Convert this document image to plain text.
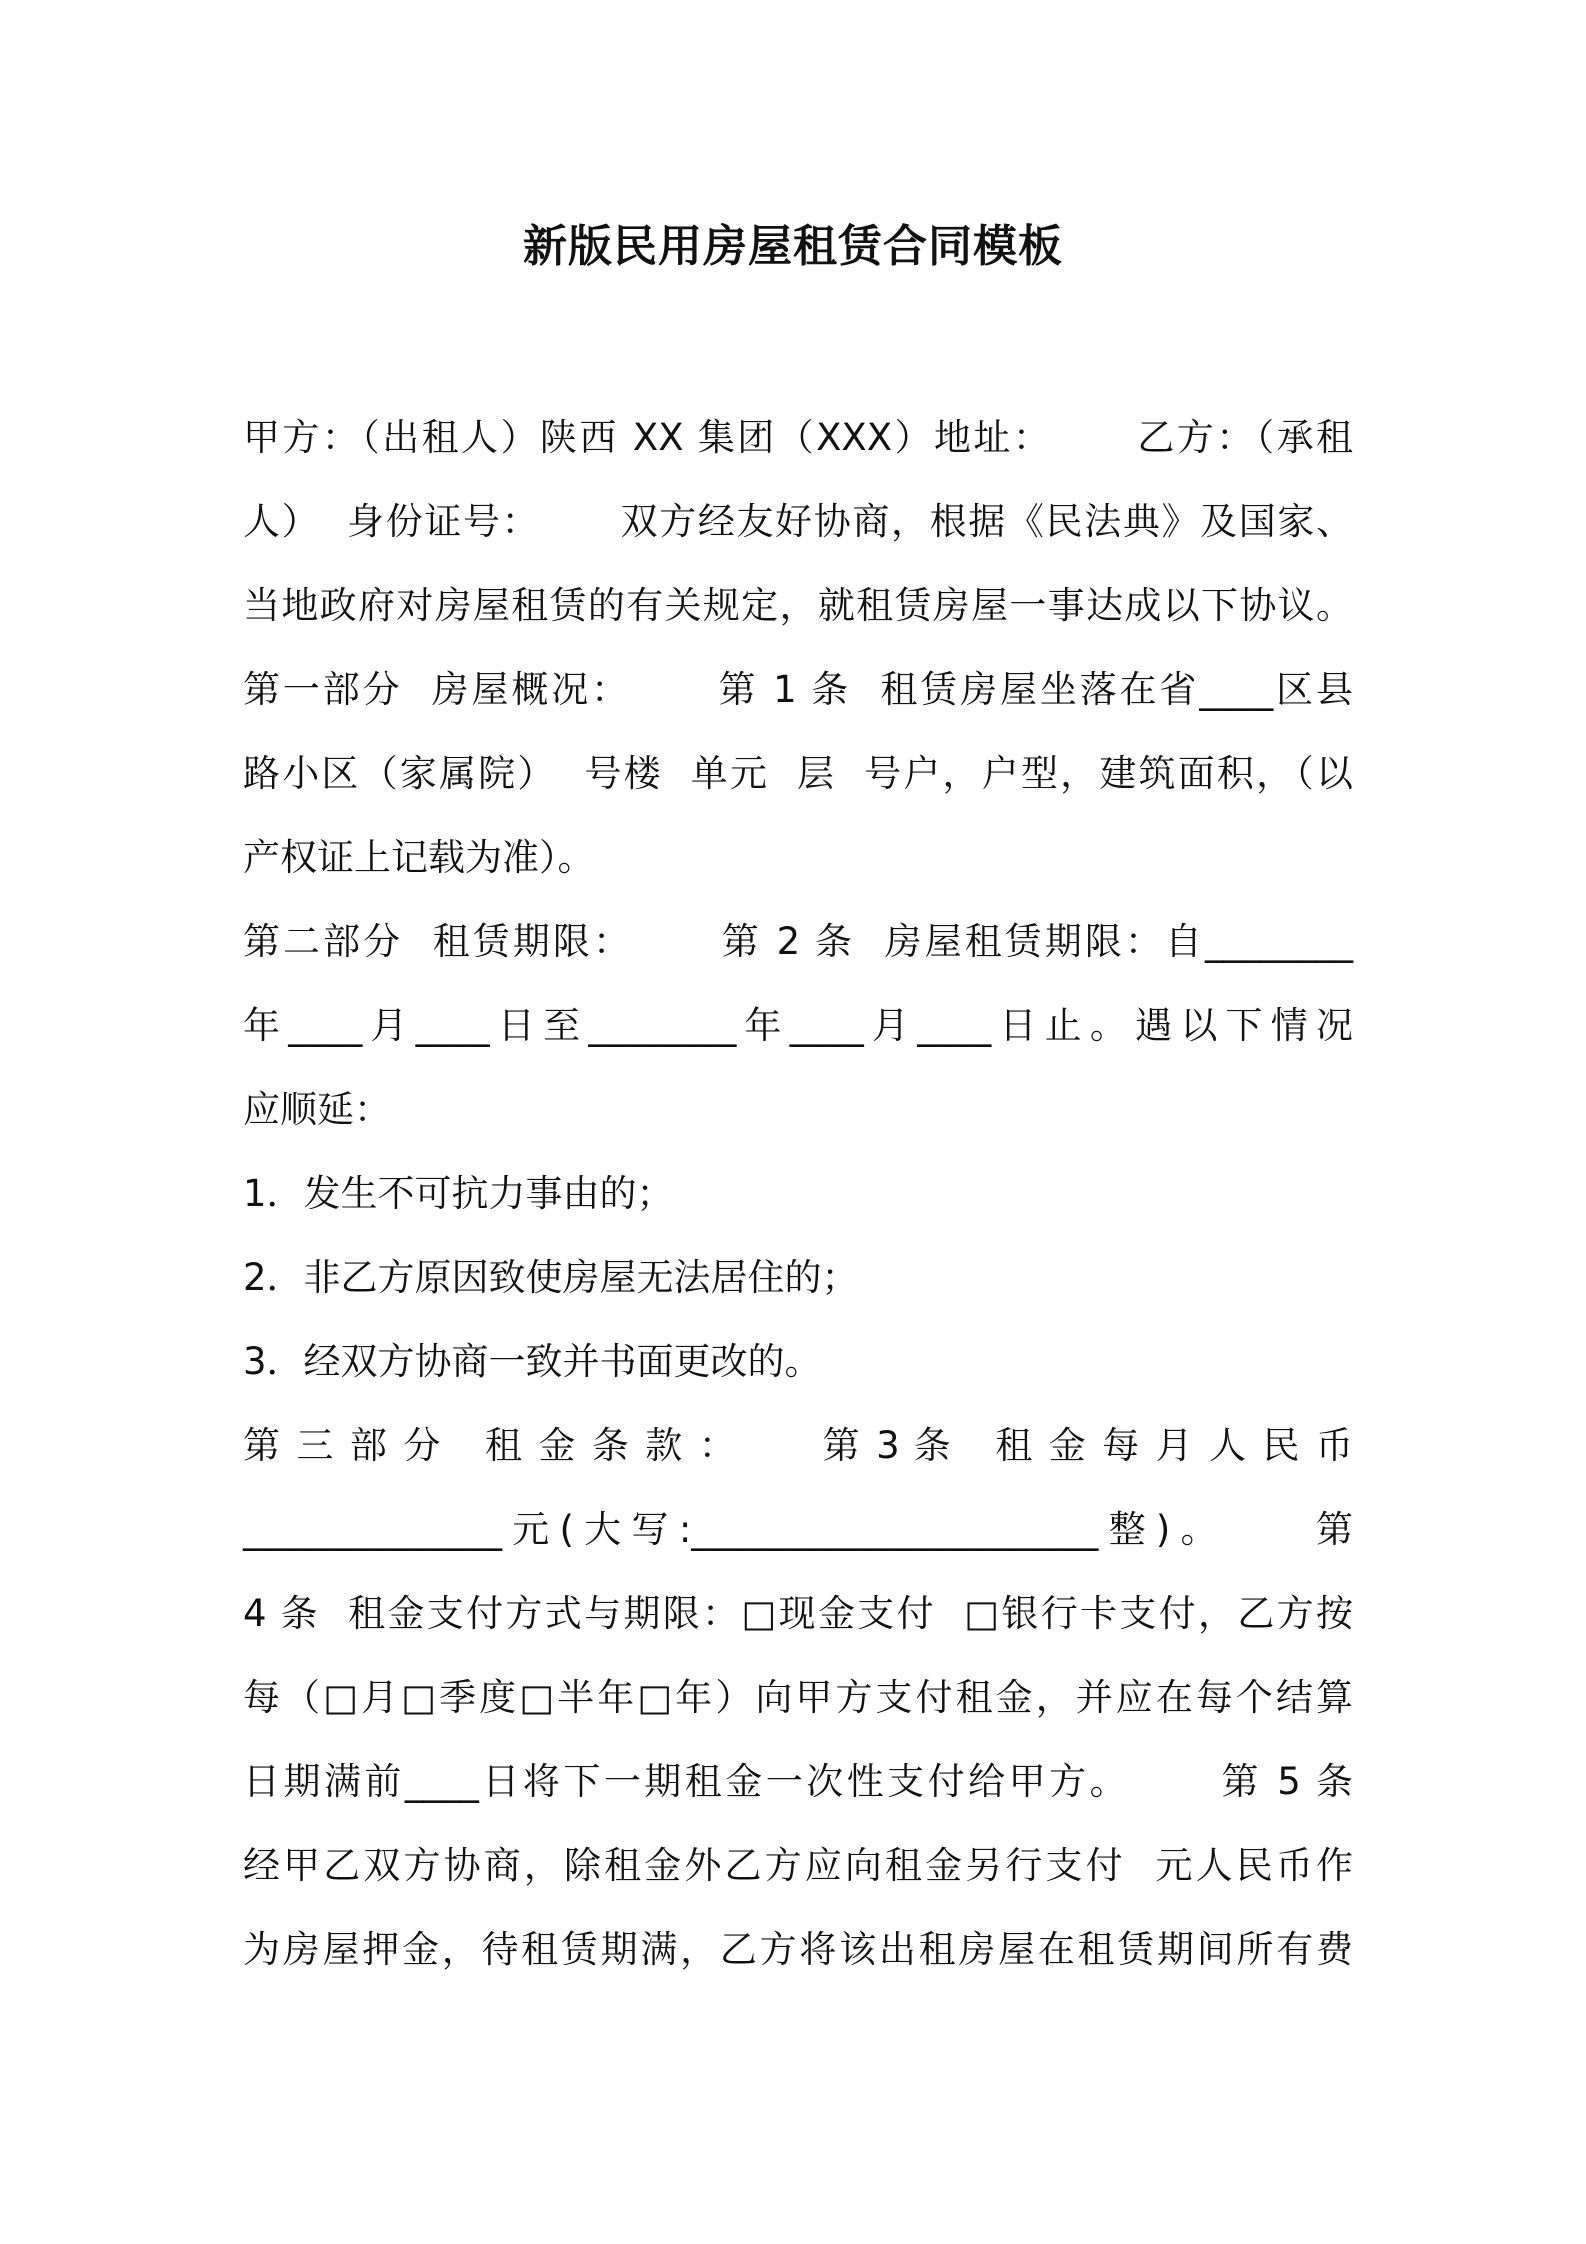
新版民用房屋租赁合同模板
甲方：（出租人）陕西 XX 集团（XXX）地址：      乙方：（承租
人）  身份证号：      双方经友好协商，根据《民法典》及国家、
当地政府对房屋租赁的有关规定，就租赁房屋一事达成以下协议。
第一部分  房屋概况：      第 1 条  租赁房屋坐落在省____区县
路小区（家属院）  号楼  单元  层  号户，户型，建筑面积，（以
产权证上记载为准）。
第二部分  租赁期限：      第 2 条  房屋租赁期限：自________
年____月____日至________年____月____日止。遇以下情况
应顺延：
1．发生不可抗力事由的；
2．非乙方原因致使房屋无法居住的；
3．经双方协商一致并书面更改的。
第 三 部 分   租 金 条 款 ：      第 3 条   租 金 每 月 人 民 币
______________元(大写:______________________整)。    第
4 条  租金支付方式与期限：□现金支付  □银行卡支付，乙方按
每（□月□季度□半年□年）向甲方支付租金，并应在每个结算
日期满前____日将下一期租金一次性支付给甲方。      第 5 条
经甲乙双方协商，除租金外乙方应向租金另行支付  元人民币作
为房屋押金，待租赁期满，乙方将该出租房屋在租赁期间所有费
